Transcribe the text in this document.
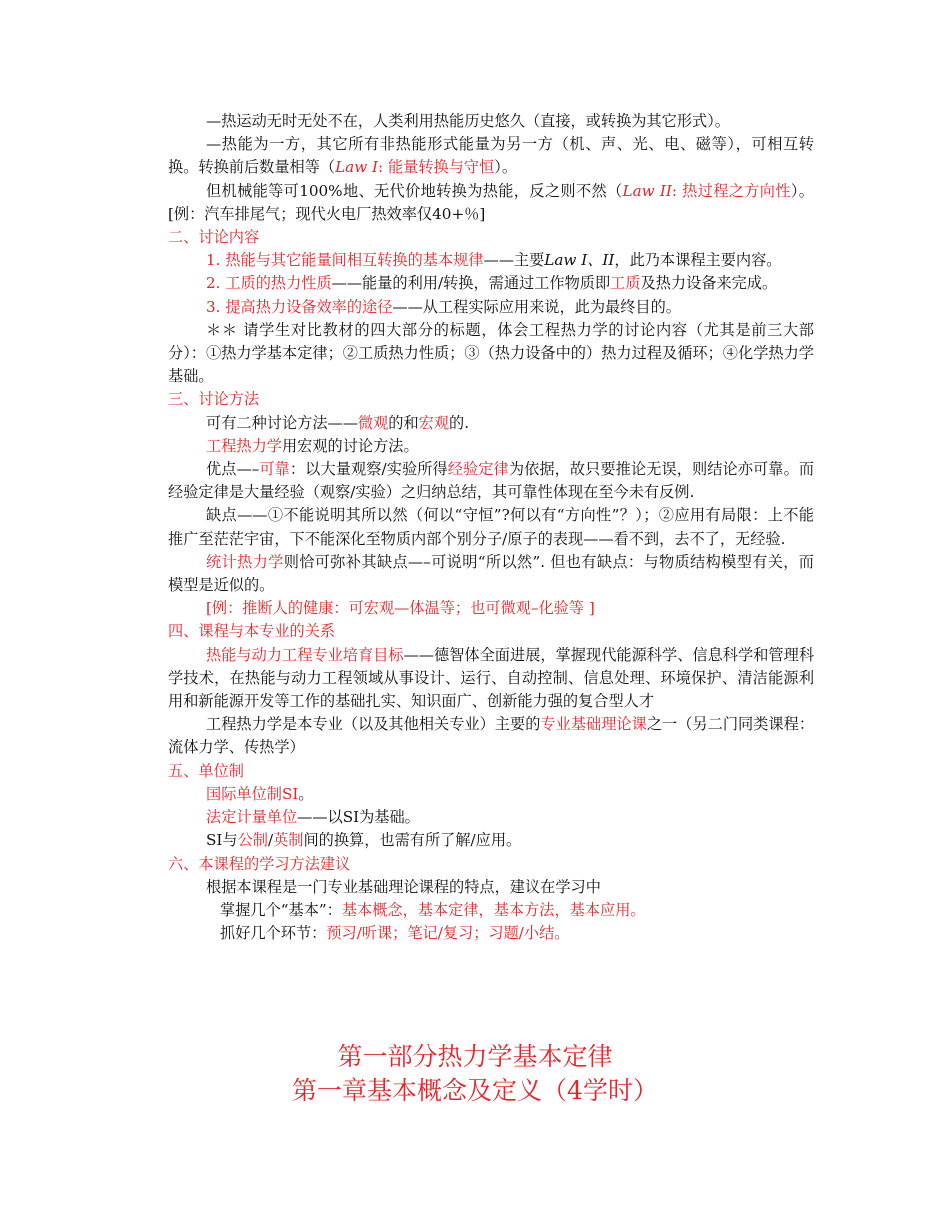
—热运动无时无处不在，人类利用热能历史悠久（直接，或转换为其它形式）。

—热能为一方，其它所有非热能形式能量为另一方（机、声、光、电、磁等），可相互转换。转换前后数量相等（Law I: 能量转换与守恒）。

但机械能等可100%地、无代价地转换为热能，反之则不然（Law II: 热过程之方向性）。[例：汽车排尾气；现代火电厂热效率仅40+％]

二、讨论内容

1. 热能与其它能量间相互转换的基本规律——主要Law I、II，此乃本课程主要内容。

2. 工质的热力性质——能量的利用/转换，需通过工作物质即工质及热力设备来完成。

3. 提高热力设备效率的途径——从工程实际应用来说，此为最终目的。

＊＊ 请学生对比教材的四大部分的标题，体会工程热力学的讨论内容（尤其是前三大部分）：①热力学基本定律；②工质热力性质；③（热力设备中的）热力过程及循环；④化学热力学基础。

三、讨论方法

可有二种讨论方法——微观的和宏观的.

工程热力学用宏观的讨论方法。

优点—–可靠：以大量观察/实验所得经验定律为依据，故只要推论无误，则结论亦可靠。而经验定律是大量经验（观察/实验）之归纳总结，其可靠性体现在至今未有反例.

缺点——①不能说明其所以然（何以“守恒”?何以有“方向性”？）；②应用有局限：上不能推广至茫茫宇宙，下不能深化至物质内部个别分子/原子的表现——看不到，去不了，无经验.

统计热力学则恰可弥补其缺点—–可说明“所以然”. 但也有缺点：与物质结构模型有关，而模型是近似的。

[例：推断人的健康：可宏观—体温等；也可微观–化验等 ]

四、课程与本专业的关系

热能与动力工程专业培育目标——德智体全面进展，掌握现代能源科学、信息科学和管理科学技术，在热能与动力工程领域从事设计、运行、自动控制、信息处理、环境保护、清洁能源利用和新能源开发等工作的基础扎实、知识面广、创新能力强的复合型人才

工程热力学是本专业（以及其他相关专业）主要的专业基础理论课之一（另二门同类课程：流体力学、传热学）

五、单位制

国际单位制SI。

法定计量单位——以SI为基础。

SI与公制/英制间的换算，也需有所了解/应用。

六、本课程的学习方法建议

根据本课程是一门专业基础理论课程的特点，建议在学习中

掌握几个“基本”：基本概念，基本定律，基本方法，基本应用。

抓好几个环节：预习/听课；笔记/复习；习题/小结。

第一部分热力学基本定律
第一章基本概念及定义（4学时）
